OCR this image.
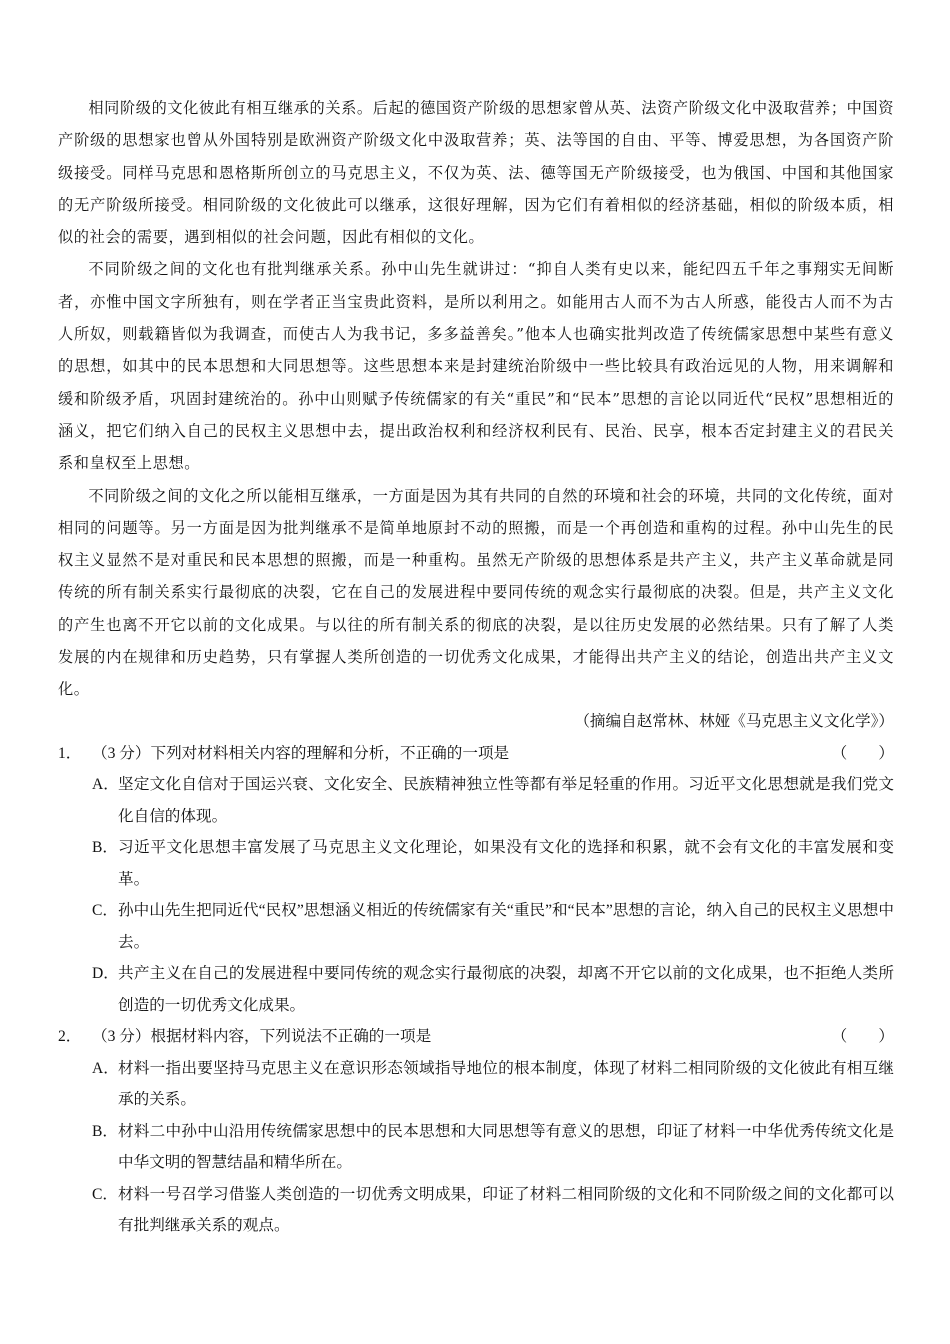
相同阶级的文化彼此有相互继承的关系。后起的德国资产阶级的思想家曾从英、法资产阶级文化中汲取营养；中国资产阶级的思想家也曾从外国特别是欧洲资产阶级文化中汲取营养；英、法等国的自由、平等、博爱思想，为各国资产阶级接受。同样马克思和恩格斯所创立的马克思主义，不仅为英、法、德等国无产阶级接受，也为俄国、中国和其他国家的无产阶级所接受。相同阶级的文化彼此可以继承，这很好理解，因为它们有着相似的经济基础，相似的阶级本质，相似的社会的需要，遇到相似的社会问题，因此有相似的文化。

不同阶级之间的文化也有批判继承关系。孙中山先生就讲过：“抑自人类有史以来，能纪四五千年之事翔实无间断者，亦惟中国文字所独有，则在学者正当宝贵此资料，是所以利用之。如能用古人而不为古人所惑，能役古人而不为古人所奴，则载籍皆似为我调查，而使古人为我书记，多多益善矣。”他本人也确实批判改造了传统儒家思想中某些有意义的思想，如其中的民本思想和大同思想等。这些思想本来是封建统治阶级中一些比较具有政治远见的人物，用来调解和缓和阶级矛盾，巩固封建统治的。孙中山则赋予传统儒家的有关“重民”和“民本”思想的言论以同近代“民权”思想相近的涵义，把它们纳入自己的民权主义思想中去，提出政治权利和经济权利民有、民治、民享，根本否定封建主义的君民关系和皇权至上思想。

不同阶级之间的文化之所以能相互继承，一方面是因为其有共同的自然的环境和社会的环境，共同的文化传统，面对相同的问题等。另一方面是因为批判继承不是简单地原封不动的照搬，而是一个再创造和重构的过程。孙中山先生的民权主义显然不是对重民和民本思想的照搬，而是一种重构。虽然无产阶级的思想体系是共产主义，共产主义革命就是同传统的所有制关系实行最彻底的决裂，它在自己的发展进程中要同传统的观念实行最彻底的决裂。但是，共产主义文化的产生也离不开它以前的文化成果。与以往的所有制关系的彻底的决裂，是以往历史发展的必然结果。只有了解了人类发展的内在规律和历史趋势，只有掌握人类所创造的一切优秀文化成果，才能得出共产主义的结论，创造出共产主义文化。

（摘编自赵常林、林娅《马克思主义文化学》）

1． （3 分）下列对材料相关内容的理解和分析，不正确的一项是	（　　）
A． 坚定文化自信对于国运兴衰、文化安全、民族精神独立性等都有举足轻重的作用。习近平文化思想就是我们党文化自信的体现。
B． 习近平文化思想丰富发展了马克思主义文化理论，如果没有文化的选择和积累，就不会有文化的丰富发展和变革。
C． 孙中山先生把同近代“民权”思想涵义相近的传统儒家有关“重民”和“民本”思想的言论，纳入自己的民权主义思想中去。
D． 共产主义在自己的发展进程中要同传统的观念实行最彻底的决裂，却离不开它以前的文化成果，也不拒绝人类所创造的一切优秀文化成果。
2． （3 分）根据材料内容，下列说法不正确的一项是	（　　）
A． 材料一指出要坚持马克思主义在意识形态领域指导地位的根本制度，体现了材料二相同阶级的文化彼此有相互继承的关系。
B． 材料二中孙中山沿用传统儒家思想中的民本思想和大同思想等有意义的思想，印证了材料一中华优秀传统文化是中华文明的智慧结晶和精华所在。
C． 材料一号召学习借鉴人类创造的一切优秀文明成果，印证了材料二相同阶级的文化和不同阶级之间的文化都可以有批判继承关系的观点。
